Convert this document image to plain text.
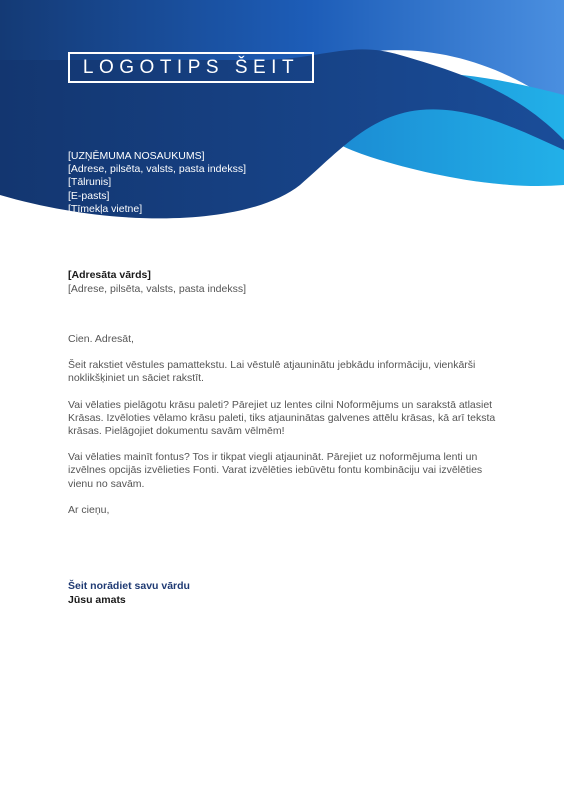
LOGOTIPS ŠEIT
[UZŅĒMUMA NOSAUKUMS]
[Adrese, pilsēta, valsts, pasta indekss]
[Tālrunis]
[E-pasts]
[Tīmekļa vietne]
[Adresāta vārds]
[Adrese, pilsēta, valsts, pasta indekss]

Cien. Adresāt,

Šeit rakstiet vēstules pamattekstu. Lai vēstulē atjauninātu jebkādu informāciju, vienkārši noklikšķiniet un sāciet rakstīt.

Vai vēlaties pielāgotu krāsu paleti? Pārejiet uz lentes cilni Noformējums un sarakstā atlasiet Krāsas. Izvēloties vēlamo krāsu paleti, tiks atjauninātas galvenes attēlu krāsas, kā arī teksta krāsas. Pielāgojiet dokumentu savām vēlmēm!

Vai vēlaties mainīt fontus? Tos ir tikpat viegli atjaunināt. Pārejiet uz noformējuma lenti un izvēlnes opcijās izvēlieties Fonti. Varat izvēlēties iebūvētu fontu kombināciju vai izvēlēties vienu no savām.

Ar cieņu,

Šeit norādiet savu vārdu
Jūsu amats
